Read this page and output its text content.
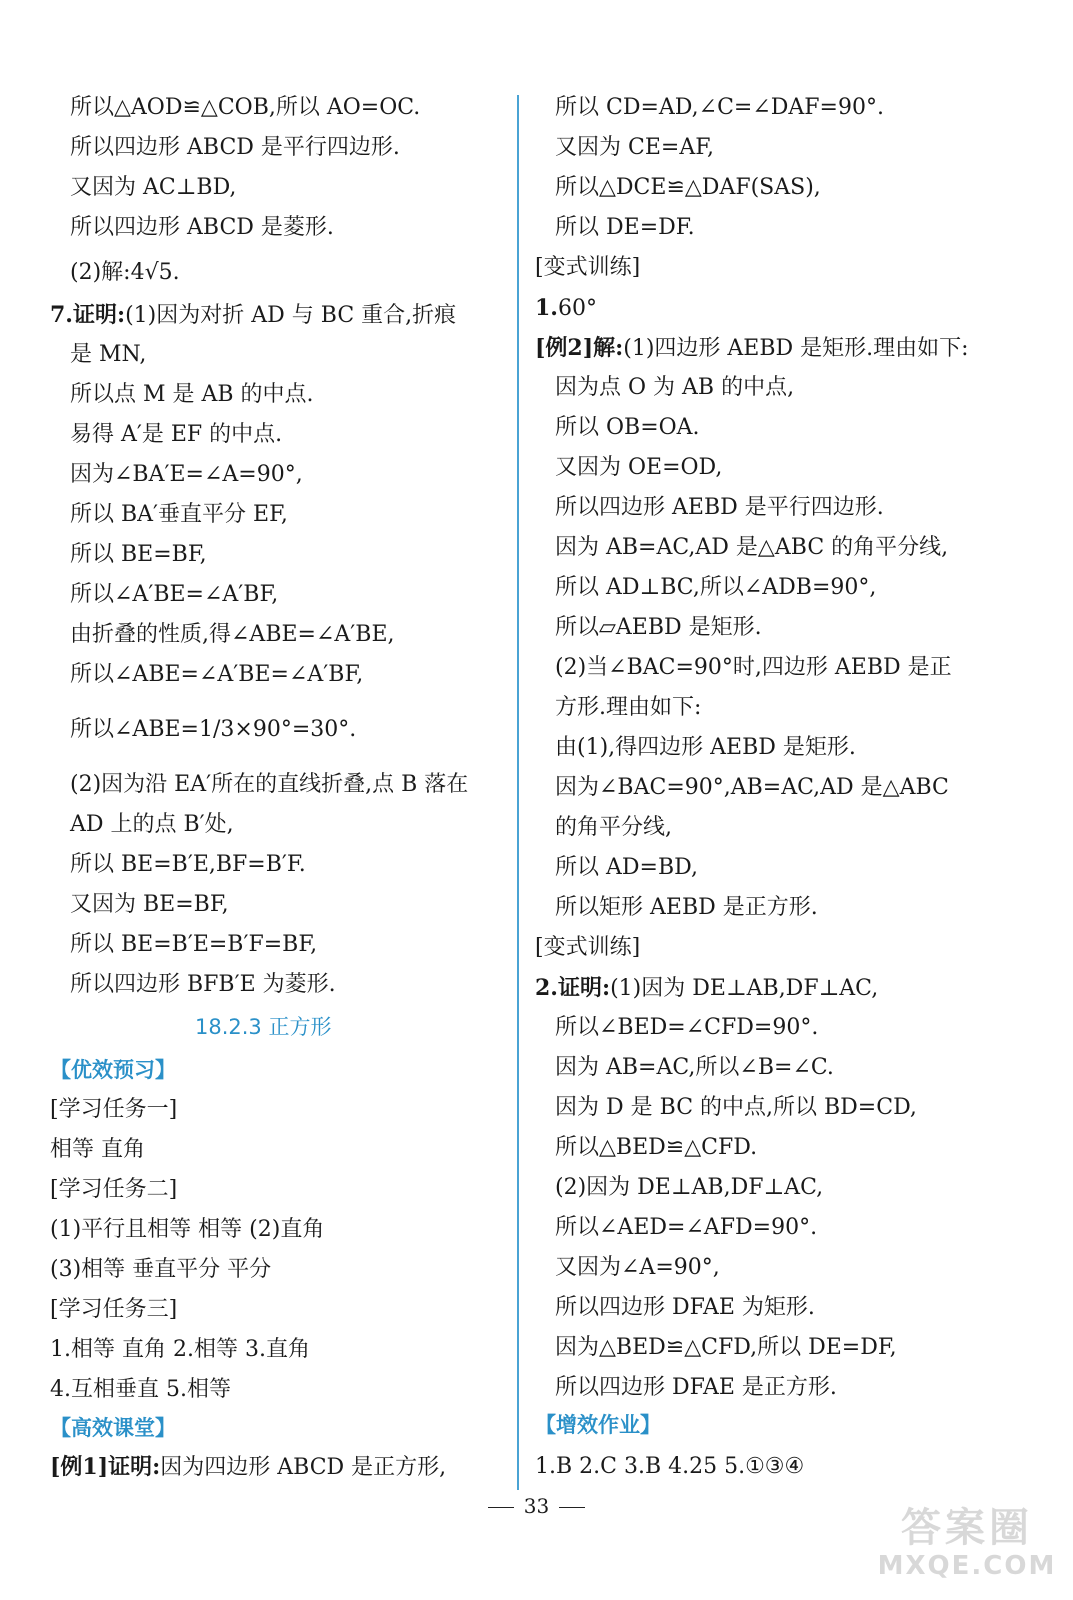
所以△AOD≌△COB,所以 AO=OC.
所以四边形 ABCD 是平行四边形.
又因为 AC⊥BD,
所以四边形 ABCD 是菱形.
(2)解:4√5.
7.证明:(1)因为对折 AD 与 BC 重合,折痕
是 MN,
所以点 M 是 AB 的中点.
易得 A′是 EF 的中点.
因为∠BA′E=∠A=90°,
所以 BA′垂直平分 EF,
所以 BE=BF,
所以∠A′BE=∠A′BF,
由折叠的性质,得∠ABE=∠A′BE,
所以∠ABE=∠A′BE=∠A′BF,
所以∠ABE=1/3×90°=30°.
(2)因为沿 EA′所在的直线折叠,点 B 落在
AD 上的点 B′处,
所以 BE=B′E,BF=B′F.
又因为 BE=BF,
所以 BE=B′E=B′F=BF,
所以四边形 BFB′E 为菱形.
18.2.3 正方形
【优效预习】
[学习任务一]
相等 直角
[学习任务二]
(1)平行且相等 相等 (2)直角
(3)相等 垂直平分 平分
[学习任务三]
1.相等 直角 2.相等 3.直角
4.互相垂直 5.相等
【高效课堂】
[例1]证明:因为四边形 ABCD 是正方形,
所以 CD=AD,∠C=∠DAF=90°.
又因为 CE=AF,
所以△DCE≌△DAF(SAS),
所以 DE=DF.
[变式训练]
1.60°
[例2]解:(1)四边形 AEBD 是矩形.理由如下:
因为点 O 为 AB 的中点,
所以 OB=OA.
又因为 OE=OD,
所以四边形 AEBD 是平行四边形.
因为 AB=AC,AD 是△ABC 的角平分线,
所以 AD⊥BC,所以∠ADB=90°,
所以▱AEBD 是矩形.
(2)当∠BAC=90°时,四边形 AEBD 是正
方形.理由如下:
由(1),得四边形 AEBD 是矩形.
因为∠BAC=90°,AB=AC,AD 是△ABC
的角平分线,
所以 AD=BD,
所以矩形 AEBD 是正方形.
[变式训练]
2.证明:(1)因为 DE⊥AB,DF⊥AC,
所以∠BED=∠CFD=90°.
因为 AB=AC,所以∠B=∠C.
因为 D 是 BC 的中点,所以 BD=CD,
所以△BED≌△CFD.
(2)因为 DE⊥AB,DF⊥AC,
所以∠AED=∠AFD=90°.
又因为∠A=90°,
所以四边形 DFAE 为矩形.
因为△BED≌△CFD,所以 DE=DF,
所以四边形 DFAE 是正方形.
【增效作业】
1.B 2.C 3.B 4.25 5.①③④
33	答案圈
MXQE.COM
